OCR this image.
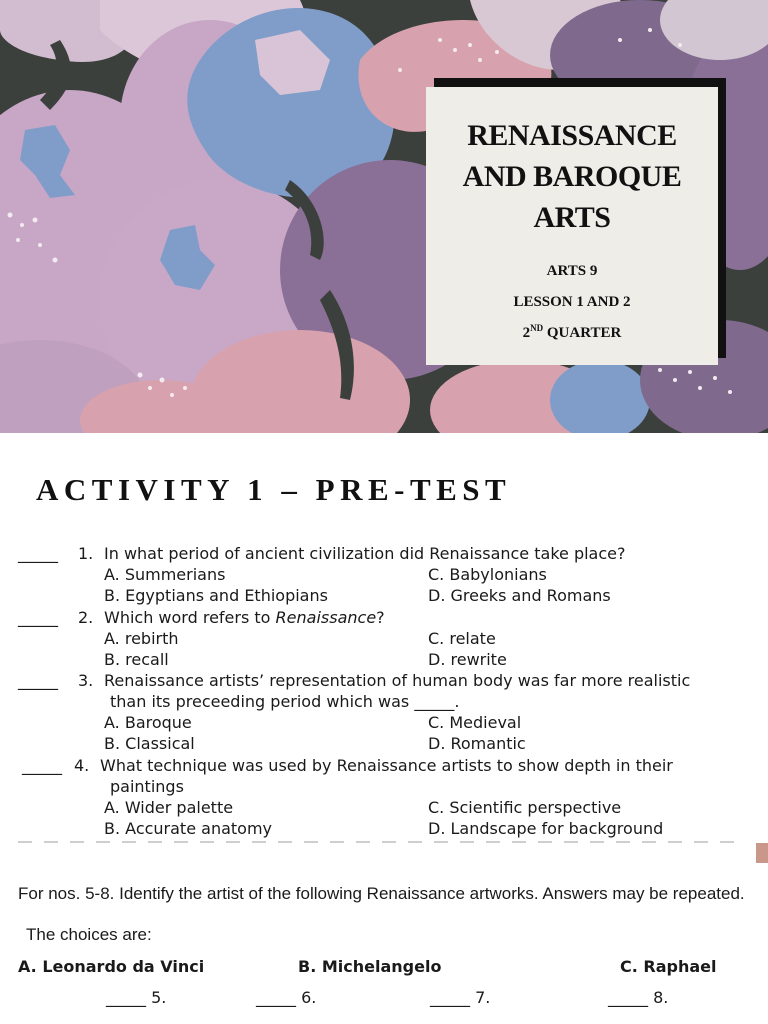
RENAISSANCE
AND BAROQUE
ARTS
ARTS 9
LESSON 1 AND 2
2ND QUARTER
ACTIVITY 1 – PRE-TEST
_____ 1. In what period of ancient civilization did Renaissance take place?
A. Summerians	C. Babylonians
B. Egyptians and Ethiopians	D. Greeks and Romans
_____ 2. Which word refers to Renaissance?
A. rebirth	C. relate
B. recall	D. rewrite
_____ 3. Renaissance artists’ representation of human body was far more realistic
than its preceeding period which was _____.
A. Baroque	C. Medieval
B. Classical	D. Romantic
_____ 4. What technique was used by Renaissance artists to show depth in their
paintings
A. Wider palette	C. Scientific perspective
B. Accurate anatomy	D. Landscape for background
For nos. 5-8. Identify the artist of the following Renaissance artworks. Answers may be repeated.
The choices are:
A. Leonardo da Vinci	B. Michelangelo	C. Raphael
_____ 5.	_____ 6.	_____ 7.	_____ 8.
